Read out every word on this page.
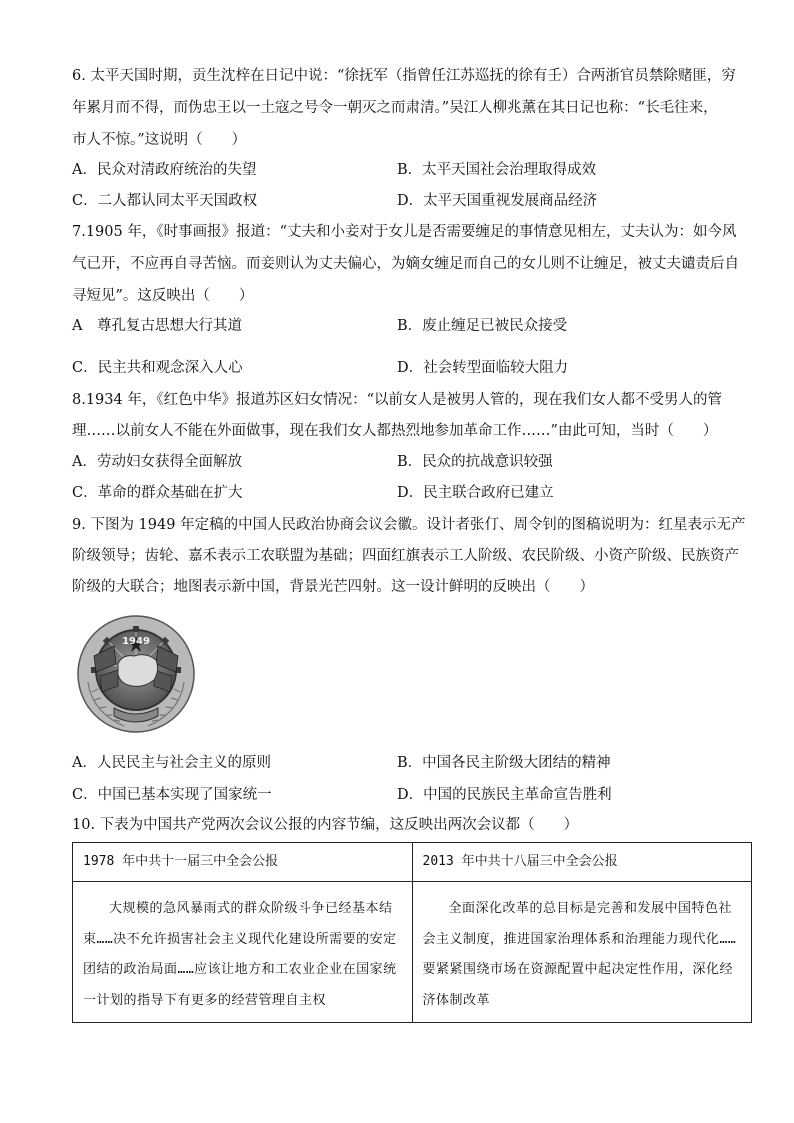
6. 太平天国时期，贡生沈梓在日记中说：“徐抚军（指曾任江苏巡抚的徐有壬）合两浙官员禁除赌匪，穷
年累月而不得，而伪忠王以一土寇之号令一朝灭之而肃清。”吴江人柳兆薰在其日记也称：“长毛往来，
市人不惊。”这说明（　　）
A．民众对清政府统治的失望	B．太平天国社会治理取得成效
C．二人都认同太平天国政权	D．太平天国重视发展商品经济
7.1905 年，《时事画报》报道：“丈夫和小妾对于女儿是否需要缠足的事情意见相左，丈夫认为：如今风
气已开，不应再自寻苦恼。而妾则认为丈夫偏心，为嫡女缠足而自己的女儿则不让缠足，被丈夫谴责后自
寻短见”。这反映出（　　）
A　尊孔复古思想大行其道	B．废止缠足已被民众接受
C．民主共和观念深入人心	D．社会转型面临较大阻力
8.1934 年，《红色中华》报道苏区妇女情况：“以前女人是被男人管的，现在我们女人都不受男人的管
理……以前女人不能在外面做事，现在我们女人都热烈地参加革命工作……”由此可知，当时（　　）
A．劳动妇女获得全面解放	B．民众的抗战意识较强
C．革命的群众基础在扩大	D．民主联合政府已建立
9. 下图为 1949 年定稿的中国人民政治协商会议会徽。设计者张仃、周令钊的图稿说明为：红星表示无产
阶级领导；齿轮、嘉禾表示工农联盟为基础；四面红旗表示工人阶级、农民阶级、小资产阶级、民族资产
阶级的大联合；地图表示新中国，背景光芒四射。这一设计鲜明的反映出（　　）
1949
A．人民民主与社会主义的原则	B．中国各民主阶级大团结的精神
C．中国已基本实现了国家统一	D．中国的民族民主革命宣告胜利
10. 下表为中国共产党两次会议公报的内容节编，这反映出两次会议都（　　）
1978 年中共十一届三中全会公报	2013 年中共十八届三中全会公报

大规模的急风暴雨式的群众阶级斗争已经基本结束……决不允许损害社会主义现代化建设所需要的安定团结的政治局面……应该让地方和工农业企业在国家统一计划的指导下有更多的经营管理自主权	全面深化改革的总目标是完善和发展中国特色社会主义制度，推进国家治理体系和治理能力现代化……要紧紧围绕市场在资源配置中起决定性作用，深化经济体制改革
